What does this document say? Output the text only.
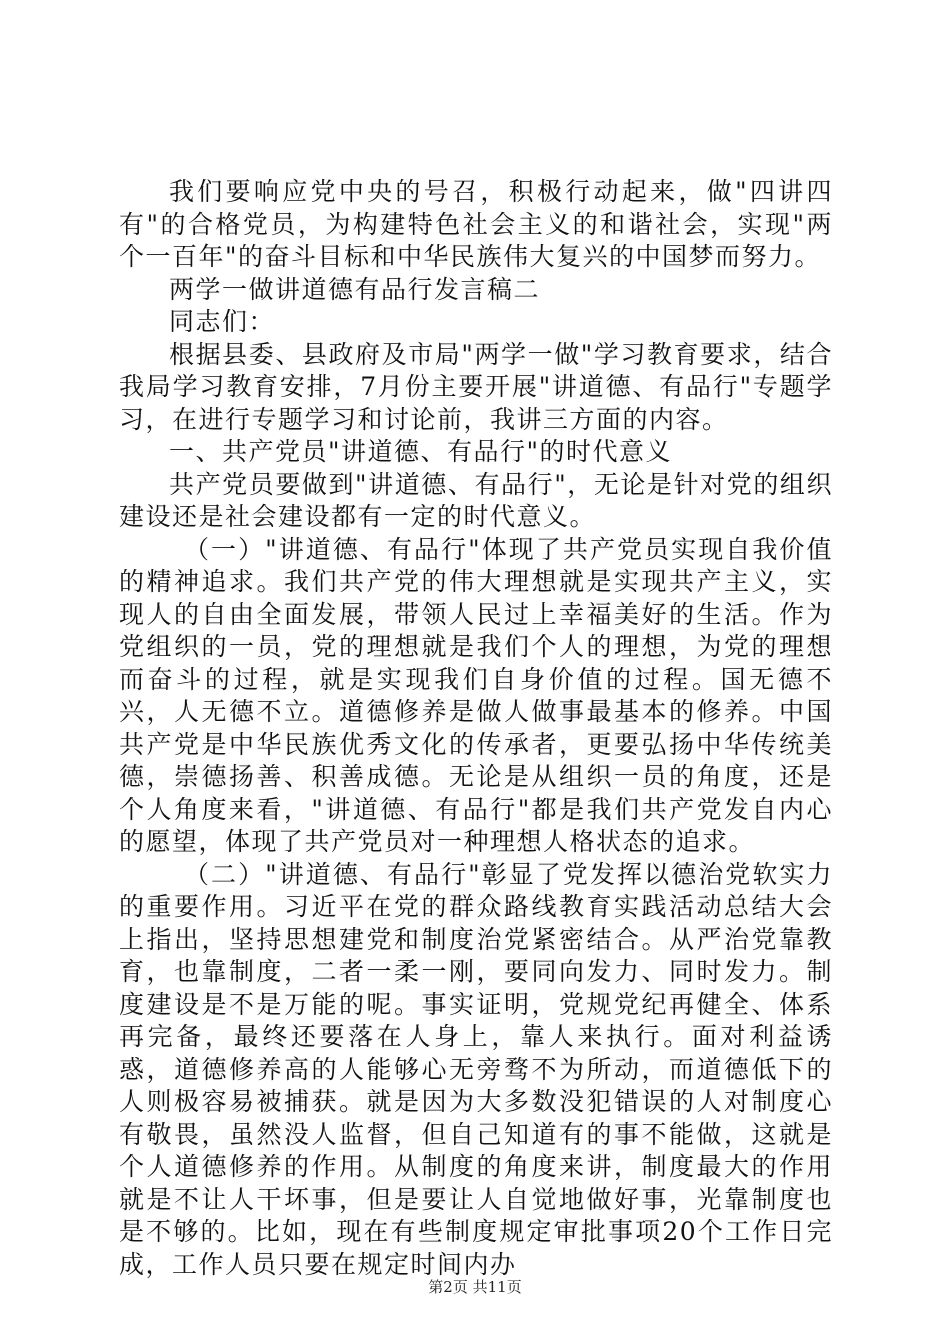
我们要响应党中央的号召，积极行动起来，做"四讲四有"的合格党员，为构建特色社会主义的和谐社会，实现"两个一百年"的奋斗目标和中华民族伟大复兴的中国梦而努力。

两学一做讲道德有品行发言稿二

同志们：

根据县委、县政府及市局"两学一做"学习教育要求，结合我局学习教育安排，7月份主要开展"讲道德、有品行"专题学习，在进行专题学习和讨论前，我讲三方面的内容。

一、共产党员"讲道德、有品行"的时代意义

共产党员要做到"讲道德、有品行"，无论是针对党的组织建设还是社会建设都有一定的时代意义。

（一）"讲道德、有品行"体现了共产党员实现自我价值的精神追求。我们共产党的伟大理想就是实现共产主义，实现人的自由全面发展，带领人民过上幸福美好的生活。作为党组织的一员，党的理想就是我们个人的理想，为党的理想而奋斗的过程，就是实现我们自身价值的过程。国无德不兴，人无德不立。道德修养是做人做事最基本的修养。中国共产党是中华民族优秀文化的传承者，更要弘扬中华传统美德，崇德扬善、积善成德。无论是从组织一员的角度，还是个人角度来看，"讲道德、有品行"都是我们共产党发自内心的愿望，体现了共产党员对一种理想人格状态的追求。

（二）"讲道德、有品行"彰显了党发挥以德治党软实力的重要作用。习近平在党的群众路线教育实践活动总结大会上指出，坚持思想建党和制度治党紧密结合。从严治党靠教育，也靠制度，二者一柔一刚，要同向发力、同时发力。制度建设是不是万能的呢。事实证明，党规党纪再健全、体系再完备，最终还要落在人身上，靠人来执行。面对利益诱惑，道德修养高的人能够心无旁骛不为所动，而道德低下的人则极容易被捕获。就是因为大多数没犯错误的人对制度心有敬畏，虽然没人监督，但自己知道有的事不能做，这就是个人道德修养的作用。从制度的角度来讲，制度最大的作用就是不让人干坏事，但是要让人自觉地做好事，光靠制度也是不够的。比如，现在有些制度规定审批事项20个工作日完成，工作人员只要在规定时间内办

第2页 共11页
